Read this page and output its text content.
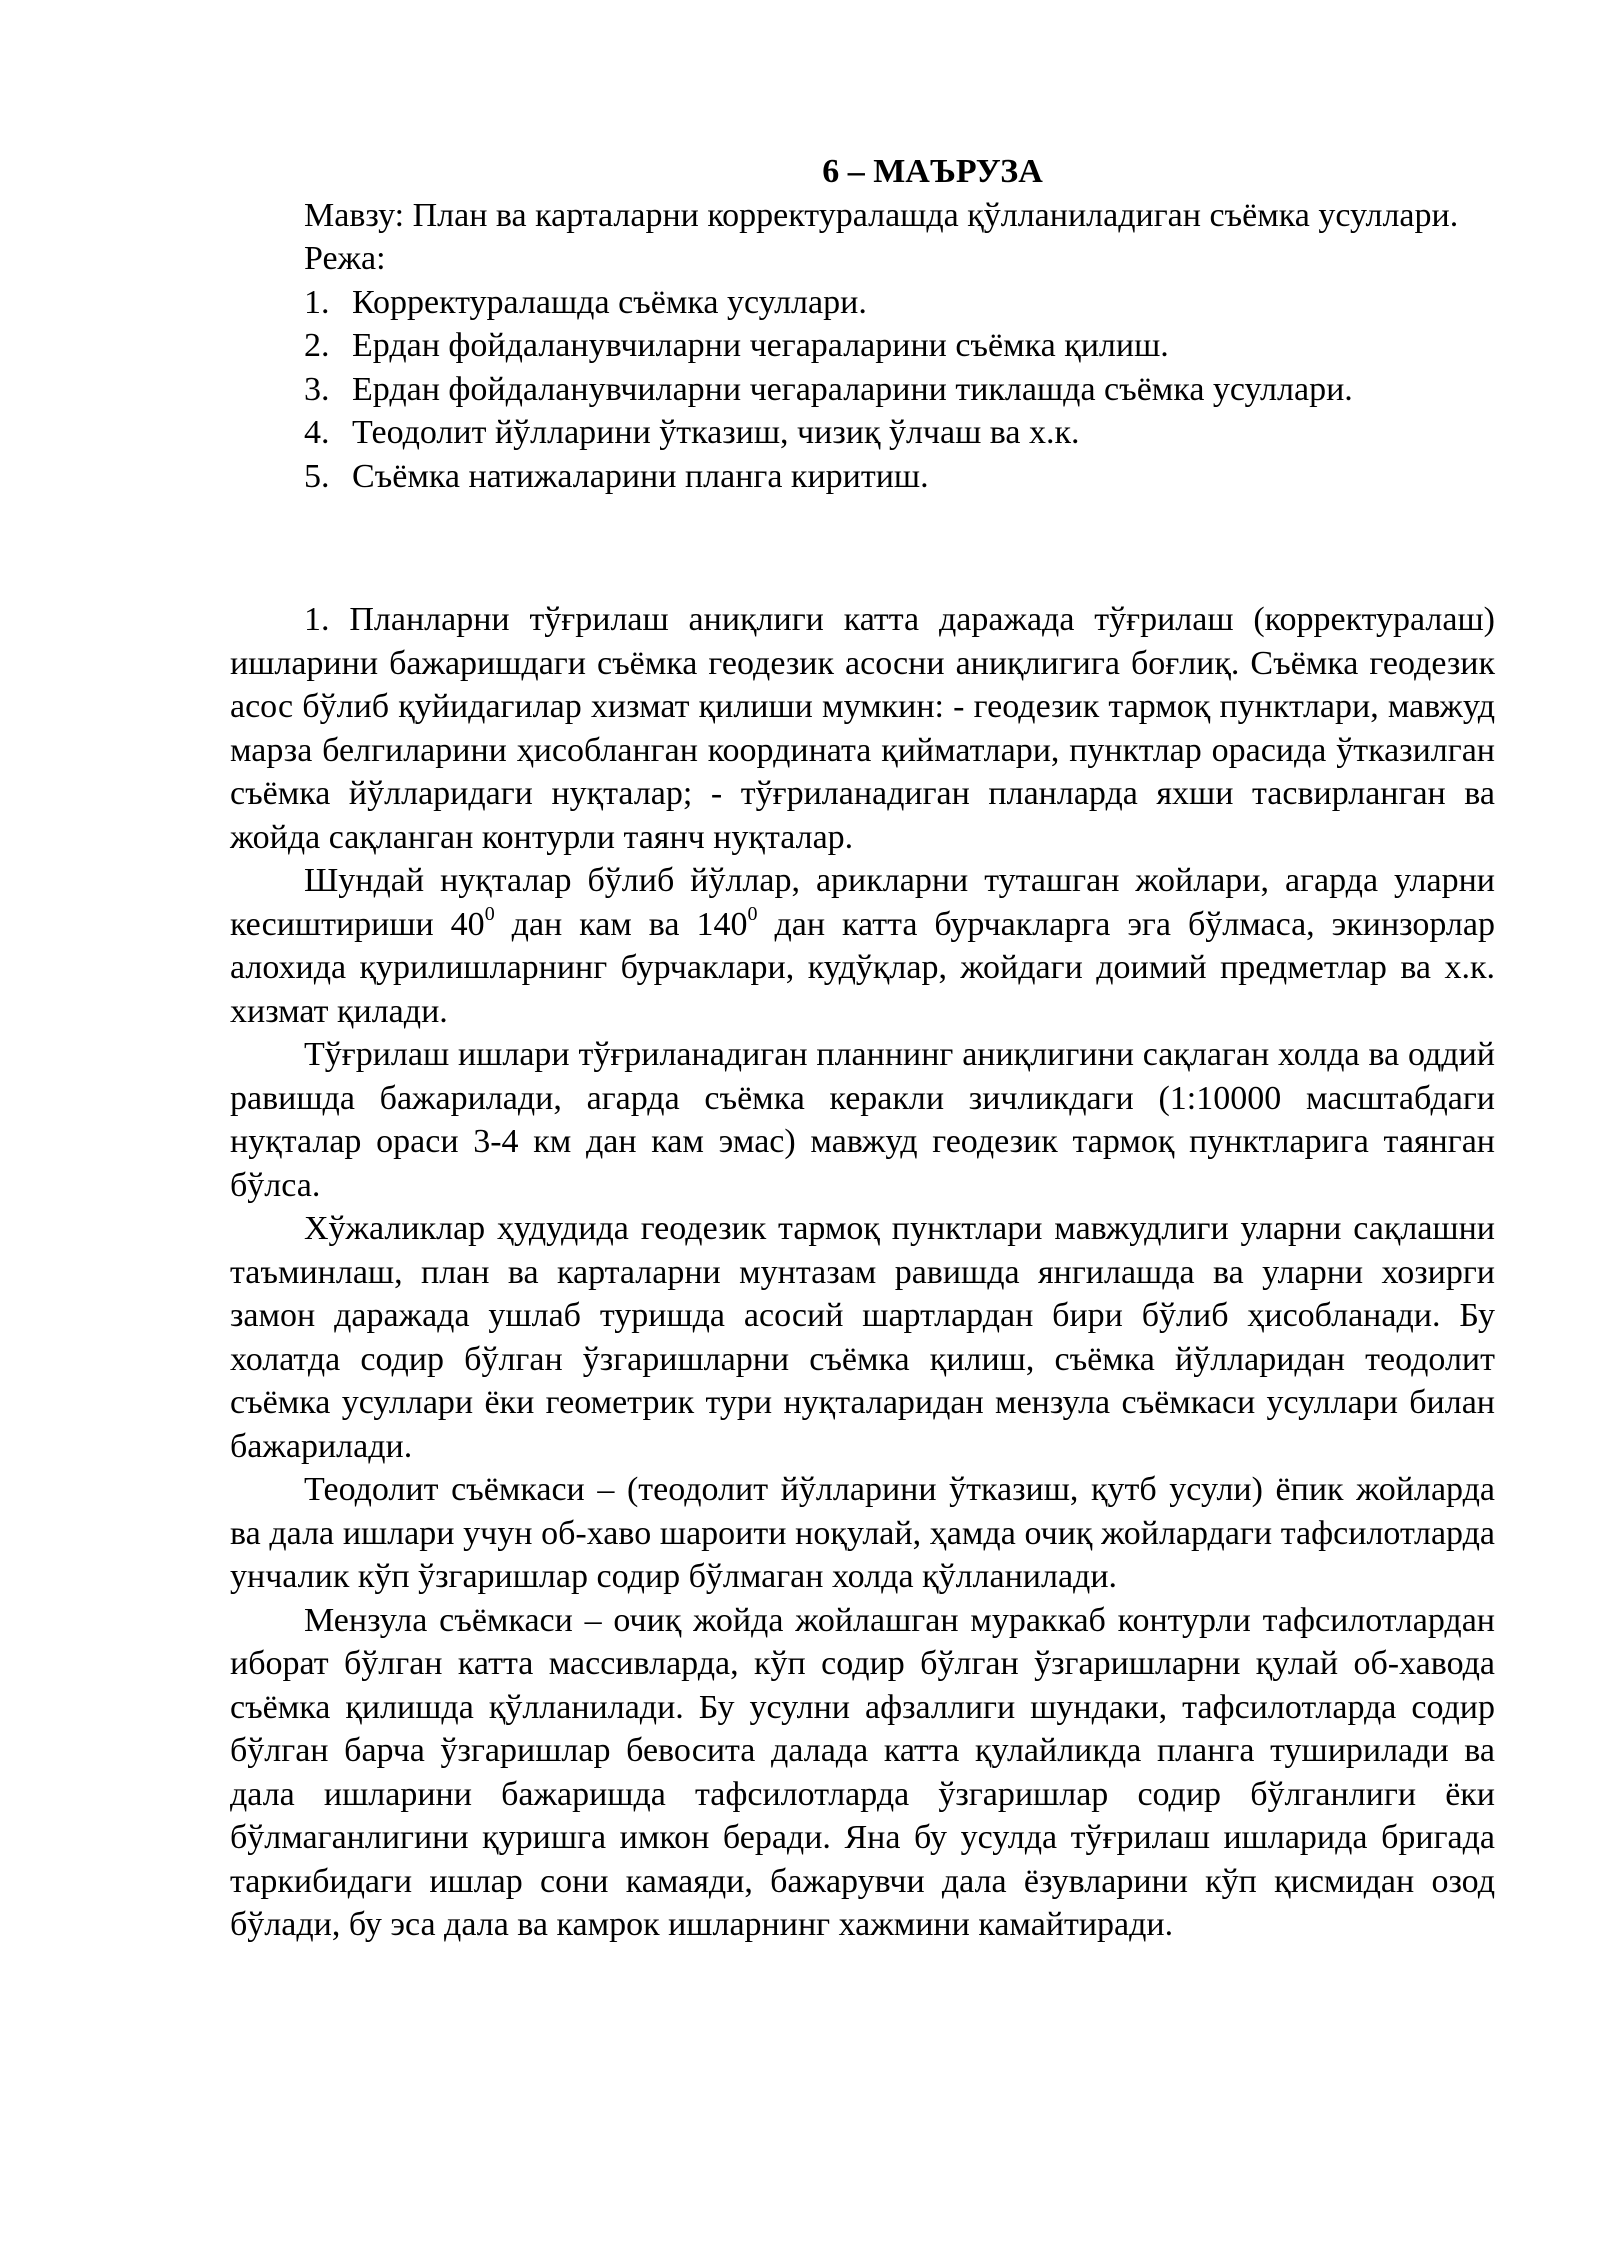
6 – МАЪРУЗА

Мавзу: План ва карталарни корректуралашда қўлланиладиган съёмка усуллари.

Режа:
1. Корректуралашда съёмка усуллари.
2. Ердан фойдаланувчиларни чегараларини съёмка қилиш.
3. Ердан фойдаланувчиларни чегараларини тиклашда съёмка усуллари.
4. Теодолит йўлларини ўтказиш, чизиқ ўлчаш ва х.к.
5. Съёмка натижаларини планга киритиш.

1. Планларни тўғрилаш аниқлиги катта даражада тўғрилаш (корректуралаш) ишларини бажаришдаги съёмка геодезик асосни аниқлигига боғлиқ. Съёмка геодезик асос бўлиб қуйидагилар хизмат қилиши мумкин: - геодезик тармоқ пунктлари, мавжуд марза белгиларини ҳисобланган координата қийматлари, пунктлар орасида ўтказилган съёмка йўлларидаги нуқталар; - тўғриланадиган планларда яхши тасвирланган ва жойда сақланган контурли таянч нуқталар.

Шундай нуқталар бўлиб йўллар, арикларни туташган жойлари, агарда уларни кесиштириши $40^0$ дан кам ва $140^0$ дан катта бурчакларга эга бўлмаса, экинзорлар алохида қурилишларнинг бурчаклари, кудўқлар, жойдаги доимий предметлар ва х.к. хизмат қилади.

Тўғрилаш ишлари тўғриланадиган планнинг аниқлигини сақлаган холда ва оддий равишда бажарилади, агарда съёмка керакли зичликдаги (1:10000 масштабдаги нуқталар ораси 3-4 км дан кам эмас) мавжуд геодезик тармоқ пунктларига таянган бўлса.

Хўжаликлар ҳудудида геодезик тармоқ пунктлари мавжудлиги уларни сақлашни таъминлаш, план ва карталарни мунтазам равишда янгилашда ва уларни хозирги замон даражада ушлаб туришда асосий шартлардан бири бўлиб ҳисобланади. Бу холатда содир бўлган ўзгаришларни съёмка қилиш, съёмка йўлларидан теодолит съёмка усуллари ёки геометрик тури нуқталаридан мензула съёмкаси усуллари билан бажарилади.

Теодолит съёмкаси – (теодолит йўлларини ўтказиш, қутб усули) ёпик жойларда ва дала ишлари учун об-хаво шароити ноқулай, ҳамда очиқ жойлардаги тафсилотларда унчалик кўп ўзгаришлар содир бўлмаган холда қўлланилади.

Мензула съёмкаси – очиқ жойда жойлашган мураккаб контурли тафсилотлардан иборат бўлган катта массивларда, кўп содир бўлган ўзгаришларни қулай об-хавода съёмка қилишда қўлланилади. Бу усулни афзаллиги шундаки, тафсилотларда содир бўлган барча ўзгаришлар бевосита далада катта қулайликда планга туширилади ва дала ишларини бажаришда тафсилотларда ўзгаришлар содир бўлганлиги ёки бўлмаганлигини қуришга имкон беради. Яна бу усулда тўғрилаш ишларида бригада таркибидаги ишлар сони камаяди, бажарувчи дала ёзувларини кўп қисмидан озод бўлади, бу эса дала ва камрок ишларнинг хажмини камайтиради.
